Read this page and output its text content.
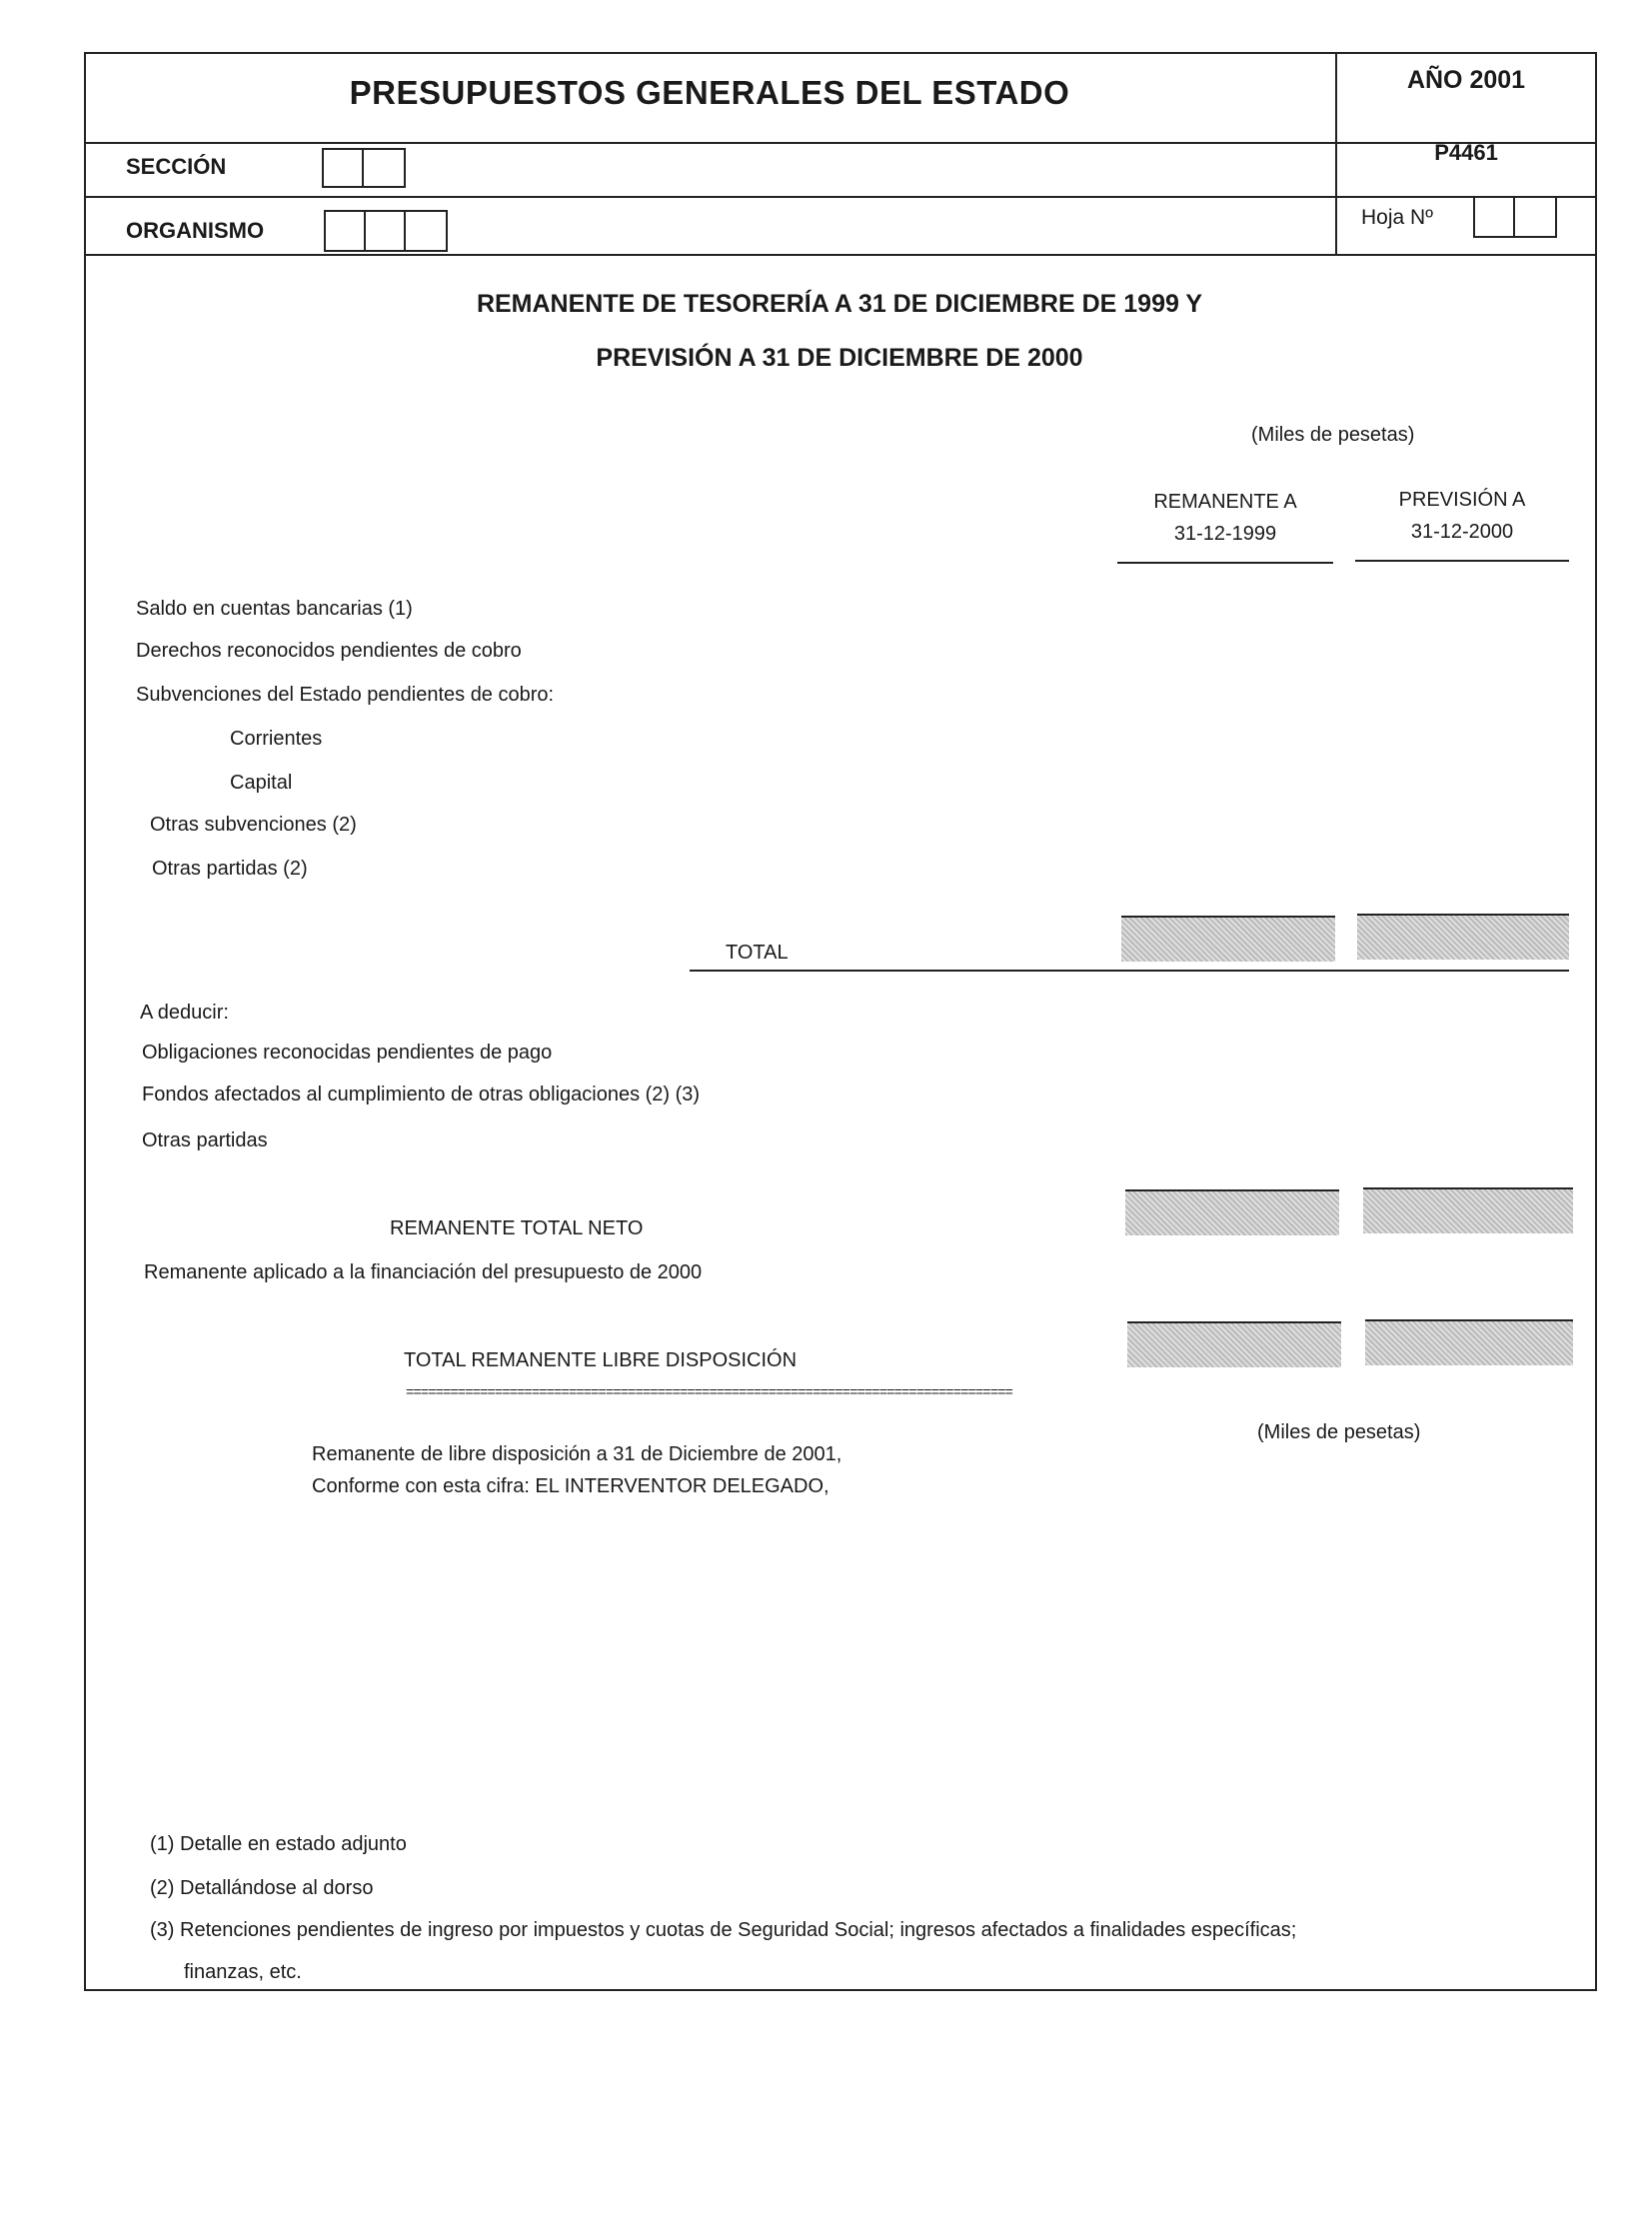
PRESUPUESTOS GENERALES DEL ESTADO	AÑO 2001
SECCIÓN
P4461
ORGANISMO
Hoja Nº
REMANENTE DE TESORERÍA A 31 DE DICIEMBRE DE 1999 Y
PREVISIÓN A 31 DE DICIEMBRE DE 2000
(Miles de pesetas)
REMANENTE A
31-12-1999
PREVISIÓN A
31-12-2000
Saldo en cuentas bancarias (1)
Derechos reconocidos pendientes de cobro
Subvenciones del Estado pendientes de cobro:
Corrientes
Capital
Otras subvenciones (2)
Otras partidas (2)
TOTAL
A deducir:
Obligaciones reconocidas pendientes de pago
Fondos afectados al cumplimiento de otras obligaciones (2) (3)
Otras partidas
REMANENTE TOTAL NETO
Remanente aplicado a la financiación del presupuesto de 2000
TOTAL REMANENTE LIBRE DISPOSICIÓN
==================================================================================
(Miles de pesetas)
Remanente de libre disposición a 31 de Diciembre de 2001,
Conforme con esta cifra: EL INTERVENTOR DELEGADO,
(1) Detalle en estado adjunto
(2) Detallándose al dorso
(3) Retenciones pendientes de ingreso por impuestos y cuotas de Seguridad Social; ingresos afectados a finalidades específicas;
finanzas, etc.
